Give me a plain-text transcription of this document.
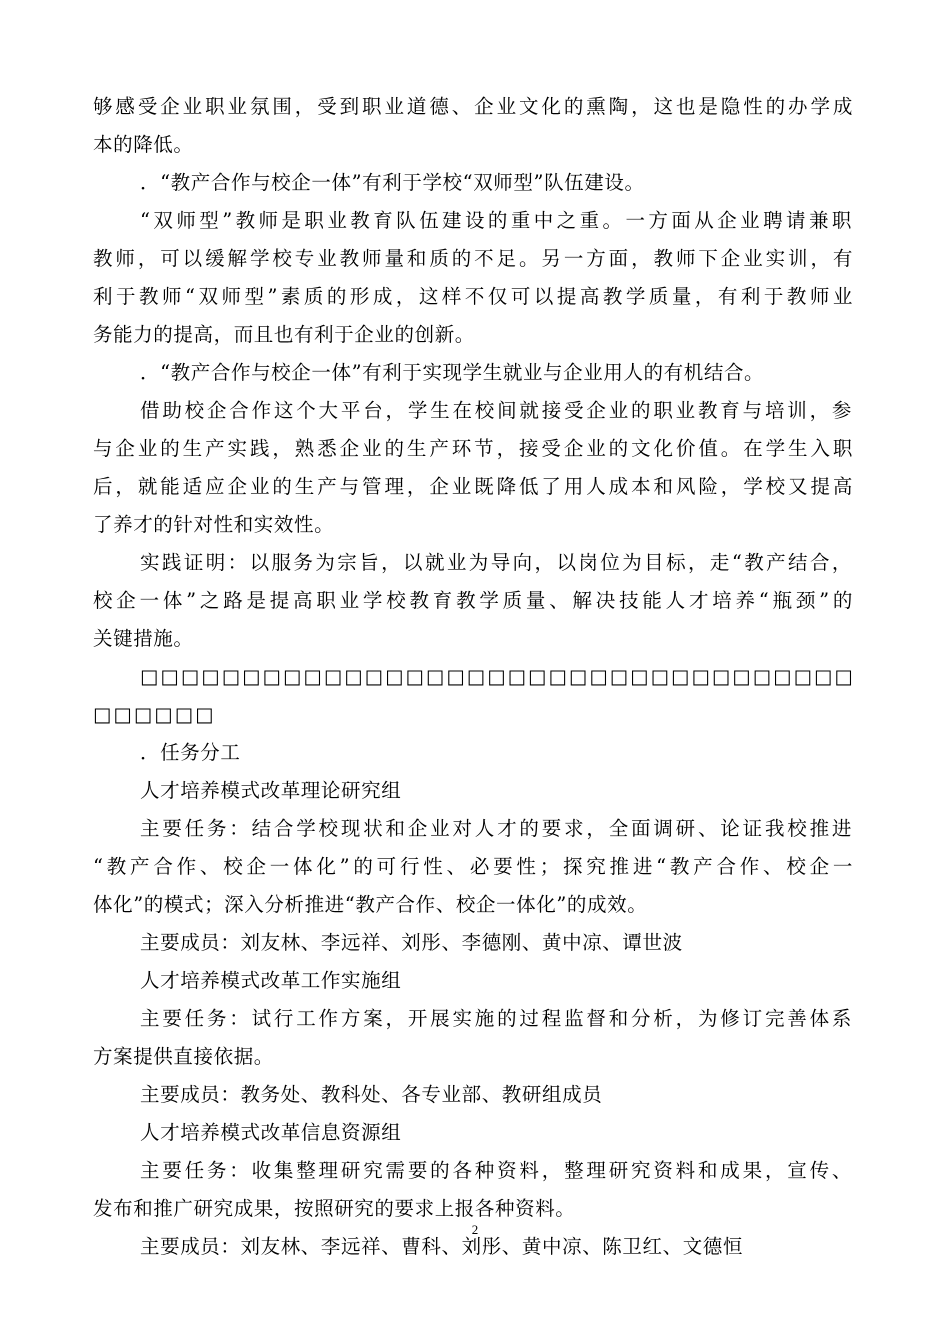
够感受企业职业氛围，受到职业道德、企业文化的熏陶，这也是隐性的办学成
本的降低。
．“教产合作与校企一体”有利于学校“双师型”队伍建设。
“双师型”教师是职业教育队伍建设的重中之重。一方面从企业聘请兼职
教师，可以缓解学校专业教师量和质的不足。另一方面，教师下企业实训，有
利于教师“双师型”素质的形成，这样不仅可以提高教学质量，有利于教师业
务能力的提高，而且也有利于企业的创新。
．“教产合作与校企一体”有利于实现学生就业与企业用人的有机结合。
借助校企合作这个大平台，学生在校间就接受企业的职业教育与培训，参
与企业的生产实践，熟悉企业的生产环节，接受企业的文化价值。在学生入职
后，就能适应企业的生产与管理，企业既降低了用人成本和风险，学校又提高
了养才的针对性和实效性。
实践证明：以服务为宗旨，以就业为导向，以岗位为目标，走“教产结合，
校企一体”之路是提高职业学校教育教学质量、解决技能人才培养“瓶颈”的
关键措施。
□□□□□□□□□□□□□□□□□□□□□□□□□□□□□□□□□□□
□□□□□□
．任务分工
人才培养模式改革理论研究组
主要任务：结合学校现状和企业对人才的要求，全面调研、论证我校推进
“教产合作、校企一体化”的可行性、必要性；探究推进“教产合作、校企一
体化”的模式；深入分析推进“教产合作、校企一体化”的成效。
主要成员：刘友林、李远祥、刘彤、李德刚、黄中凉、谭世波
人才培养模式改革工作实施组
主要任务：试行工作方案，开展实施的过程监督和分析，为修订完善体系
方案提供直接依据。
主要成员：教务处、教科处、各专业部、教研组成员
人才培养模式改革信息资源组
主要任务：收集整理研究需要的各种资料，整理研究资料和成果，宣传、
发布和推广研究成果，按照研究的要求上报各种资料。
主要成员：刘友林、李远祥、曹科、刘彤、黄中凉、陈卫红、文德恒
2
